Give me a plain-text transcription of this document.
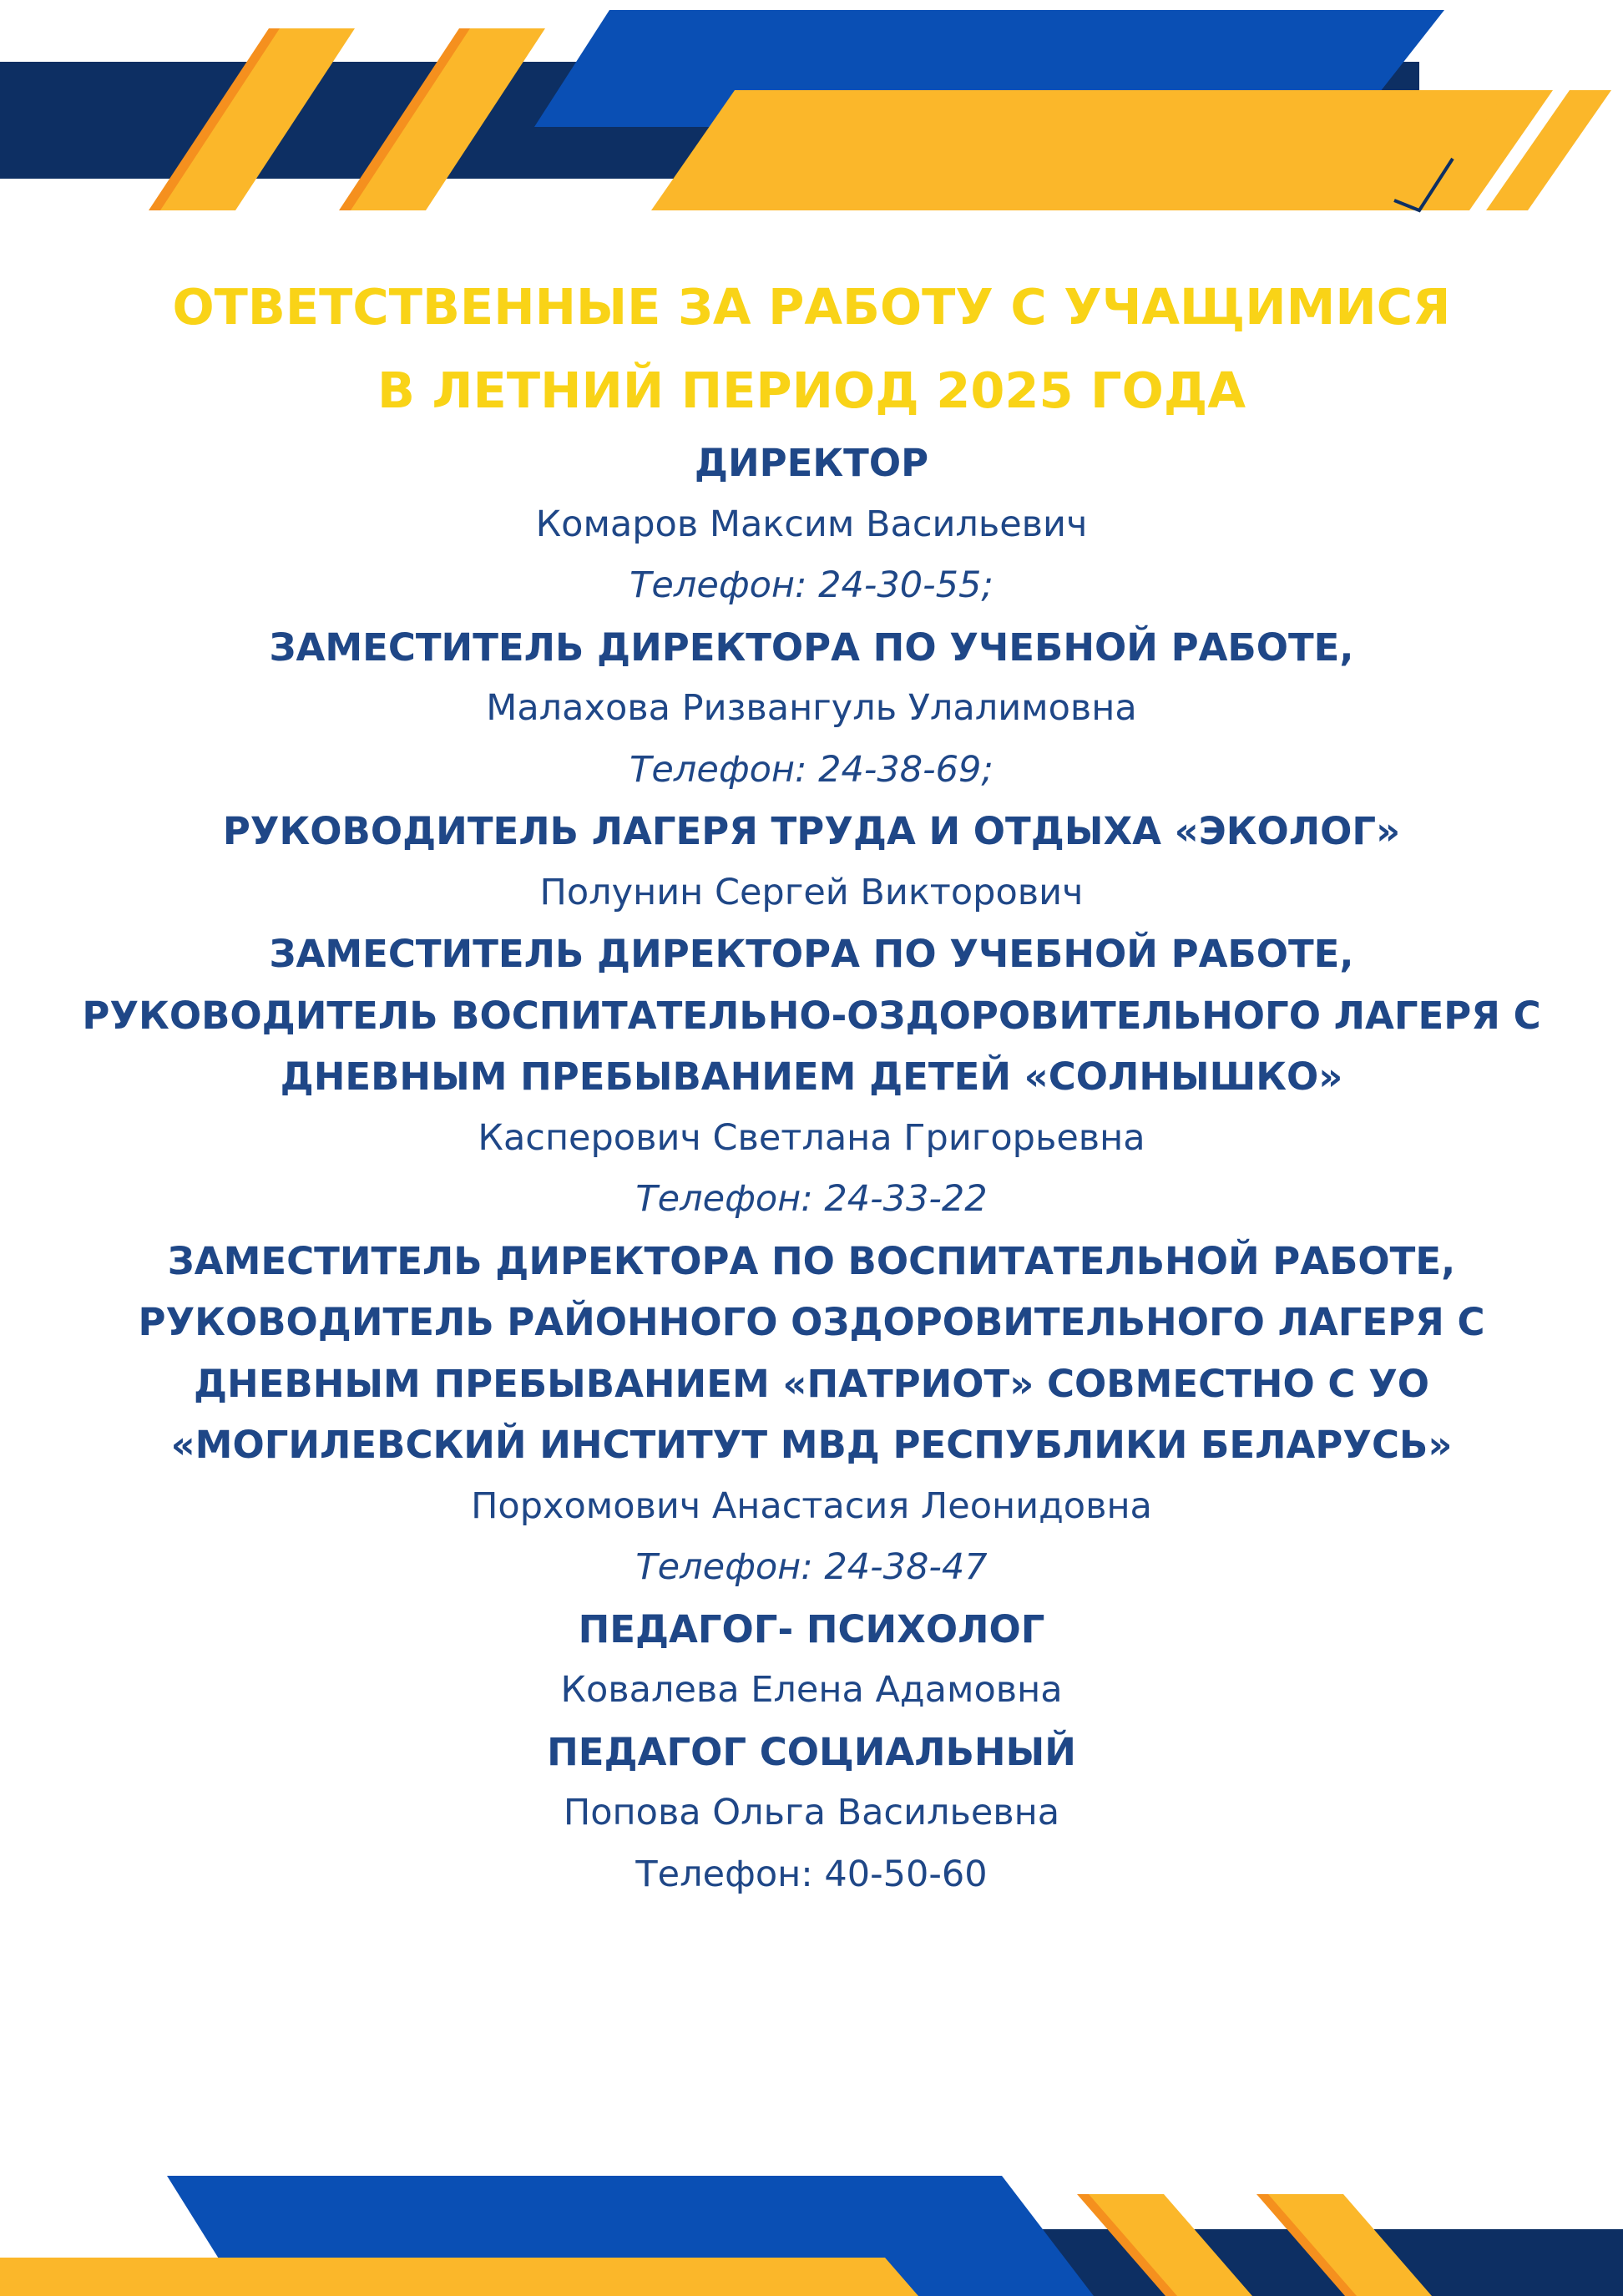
ОТВЕТСТВЕННЫЕ ЗА РАБОТУ С УЧАЩИМИСЯ
В ЛЕТНИЙ ПЕРИОД 2025 ГОДА
ДИРЕКТОР
Комаров Максим Васильевич
Телефон: 24-30-55;
ЗАМЕСТИТЕЛЬ ДИРЕКТОРА ПО УЧЕБНОЙ РАБОТЕ,
Малахова Ризвангуль Улалимовна
Телефон: 24-38-69;
РУКОВОДИТЕЛЬ ЛАГЕРЯ ТРУДА И ОТДЫХА «ЭКОЛОГ»
Полунин Сергей Викторович
ЗАМЕСТИТЕЛЬ ДИРЕКТОРА ПО УЧЕБНОЙ РАБОТЕ,
РУКОВОДИТЕЛЬ ВОСПИТАТЕЛЬНО-ОЗДОРОВИТЕЛЬНОГО ЛАГЕРЯ С
ДНЕВНЫМ ПРЕБЫВАНИЕМ ДЕТЕЙ «СОЛНЫШКО»
Касперович Светлана Григорьевна
Телефон: 24-33-22
ЗАМЕСТИТЕЛЬ ДИРЕКТОРА ПО ВОСПИТАТЕЛЬНОЙ РАБОТЕ,
РУКОВОДИТЕЛЬ РАЙОННОГО ОЗДОРОВИТЕЛЬНОГО ЛАГЕРЯ С
ДНЕВНЫМ ПРЕБЫВАНИЕМ «ПАТРИОТ» СОВМЕСТНО С УО
«МОГИЛЕВСКИЙ ИНСТИТУТ МВД РЕСПУБЛИКИ БЕЛАРУСЬ»
Порхомович Анастасия Леонидовна
Телефон: 24-38-47
ПЕДАГОГ- ПСИХОЛОГ
Ковалева Елена Адамовна
ПЕДАГОГ СОЦИАЛЬНЫЙ
Попова Ольга Васильевна
Телефон: 40-50-60
